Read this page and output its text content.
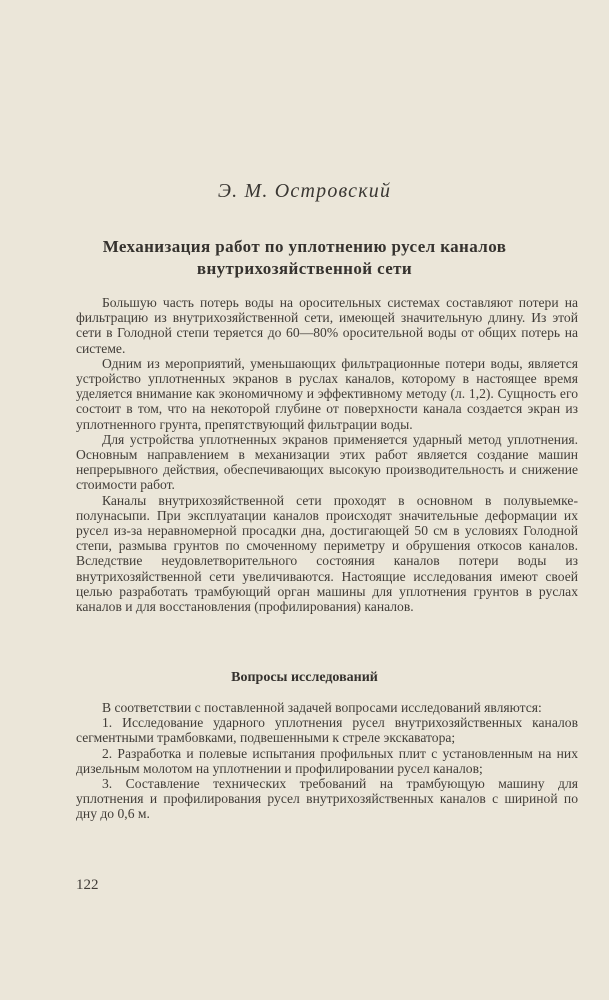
Э. М. Островский
Механизация работ по уплотнению русел каналов
внутрихозяйственной сети

Большую часть потерь воды на оросительных системах составляют потери на фильтрацию из внутрихозяйственной сети, имеющей значительную длину. Из этой сети в Голодной степи теряется до 60—80% оросительной воды от общих потерь на системе.

Одним из мероприятий, уменьшающих фильтрационные потери воды, является устройство уплотненных экранов в руслах каналов, которому в настоящее время уделяется внимание как экономичному и эффективному методу (л. 1,2). Сущность его состоит в том, что на некоторой глубине от поверхности канала создается экран из уплотненного грунта, препятствующий фильтрации воды.

Для устройства уплотненных экранов применяется ударный метод уплотнения. Основным направлением в механизации этих работ является создание машин непрерывного действия, обеспечивающих высокую производительность и снижение стоимости работ.

Каналы внутрихозяйственной сети проходят в основном в полувыемке-полунасыпи. При эксплуатации каналов происходят значительные деформации их русел из-за неравномерной просадки дна, достигающей 50 см в условиях Голодной степи, размыва грунтов по смоченному периметру и обрушения откосов каналов. Вследствие неудовлетворительного состояния каналов потери воды из внутрихозяйственной сети увеличиваются. Настоящие исследования имеют своей целью разработать трамбующий орган машины для уплотнения грунтов в руслах каналов и для восстановления (профилирования) каналов.

Вопросы исследований

В соответствии с поставленной задачей вопросами исследований являются:

1. Исследование ударного уплотнения русел внутрихозяйственных каналов сегментными трамбовками, подвешенными к стреле экскаватора;

2. Разработка и полевые испытания профильных плит с установленным на них дизельным молотом на уплотнении и профилировании русел каналов;

3. Составление технических требований на трамбующую машину для уплотнения и профилирования русел внутрихозяйственных каналов с шириной по дну до 0,6 м.

122
